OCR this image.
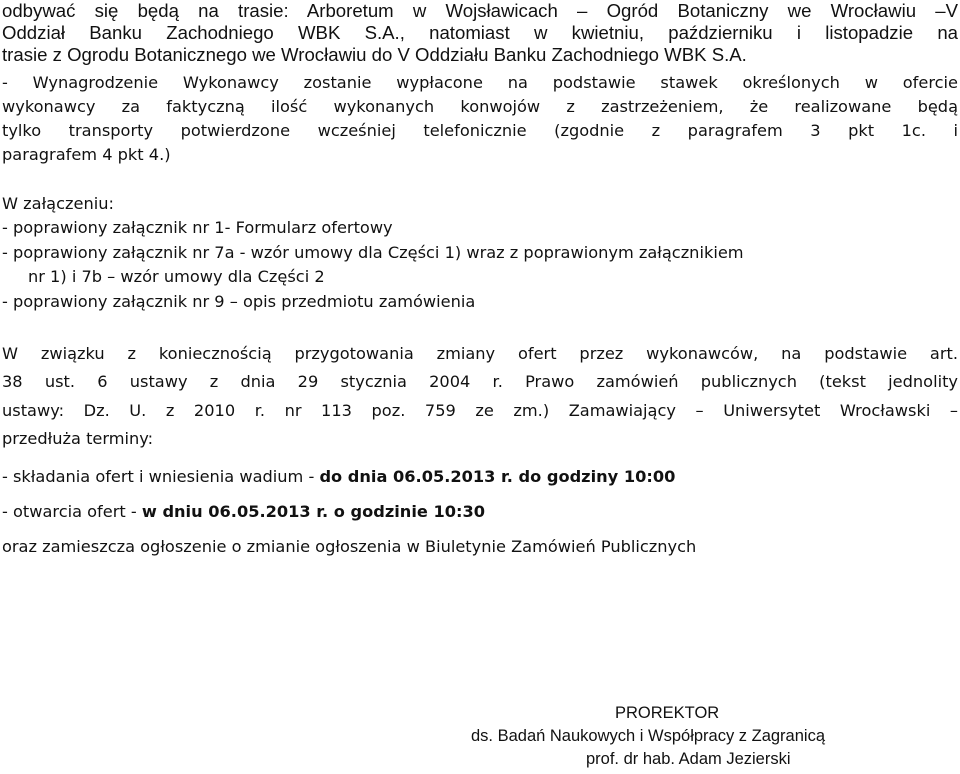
odbywać się będą na trasie: Arboretum w Wojsławicach – Ogród Botaniczny we Wrocławiu –V
Oddział Banku Zachodniego WBK S.A., natomiast w kwietniu, październiku i listopadzie na
trasie z Ogrodu Botanicznego we Wrocławiu do V Oddziału Banku Zachodniego WBK S.A.
- Wynagrodzenie Wykonawcy zostanie wypłacone na podstawie stawek określonych w ofercie
wykonawcy za faktyczną ilość wykonanych konwojów z zastrzeżeniem, że realizowane będą
tylko transporty potwierdzone wcześniej telefonicznie (zgodnie z paragrafem 3 pkt 1c. i
paragrafem 4 pkt 4.)
W załączeniu:
- poprawiony załącznik nr 1- Formularz ofertowy
- poprawiony załącznik nr 7a - wzór umowy dla Części 1) wraz z poprawionym załącznikiem
nr 1) i 7b – wzór umowy dla Części 2
- poprawiony załącznik nr 9 – opis przedmiotu zamówienia
W związku z koniecznością przygotowania zmiany ofert przez wykonawców, na podstawie art.
38 ust. 6 ustawy z dnia 29 stycznia 2004 r. Prawo zamówień publicznych (tekst jednolity
ustawy: Dz. U. z 2010 r. nr 113 poz. 759 ze zm.) Zamawiający – Uniwersytet Wrocławski –
przedłuża terminy:
- składania ofert i wniesienia wadium - do dnia 06.05.2013 r. do godziny 10:00
- otwarcia ofert - w dniu 06.05.2013 r. o godzinie 10:30
oraz zamieszcza ogłoszenie o zmianie ogłoszenia w Biuletynie Zamówień Publicznych
PROREKTOR
ds. Badań Naukowych i Współpracy z Zagranicą
prof. dr hab. Adam Jezierski
